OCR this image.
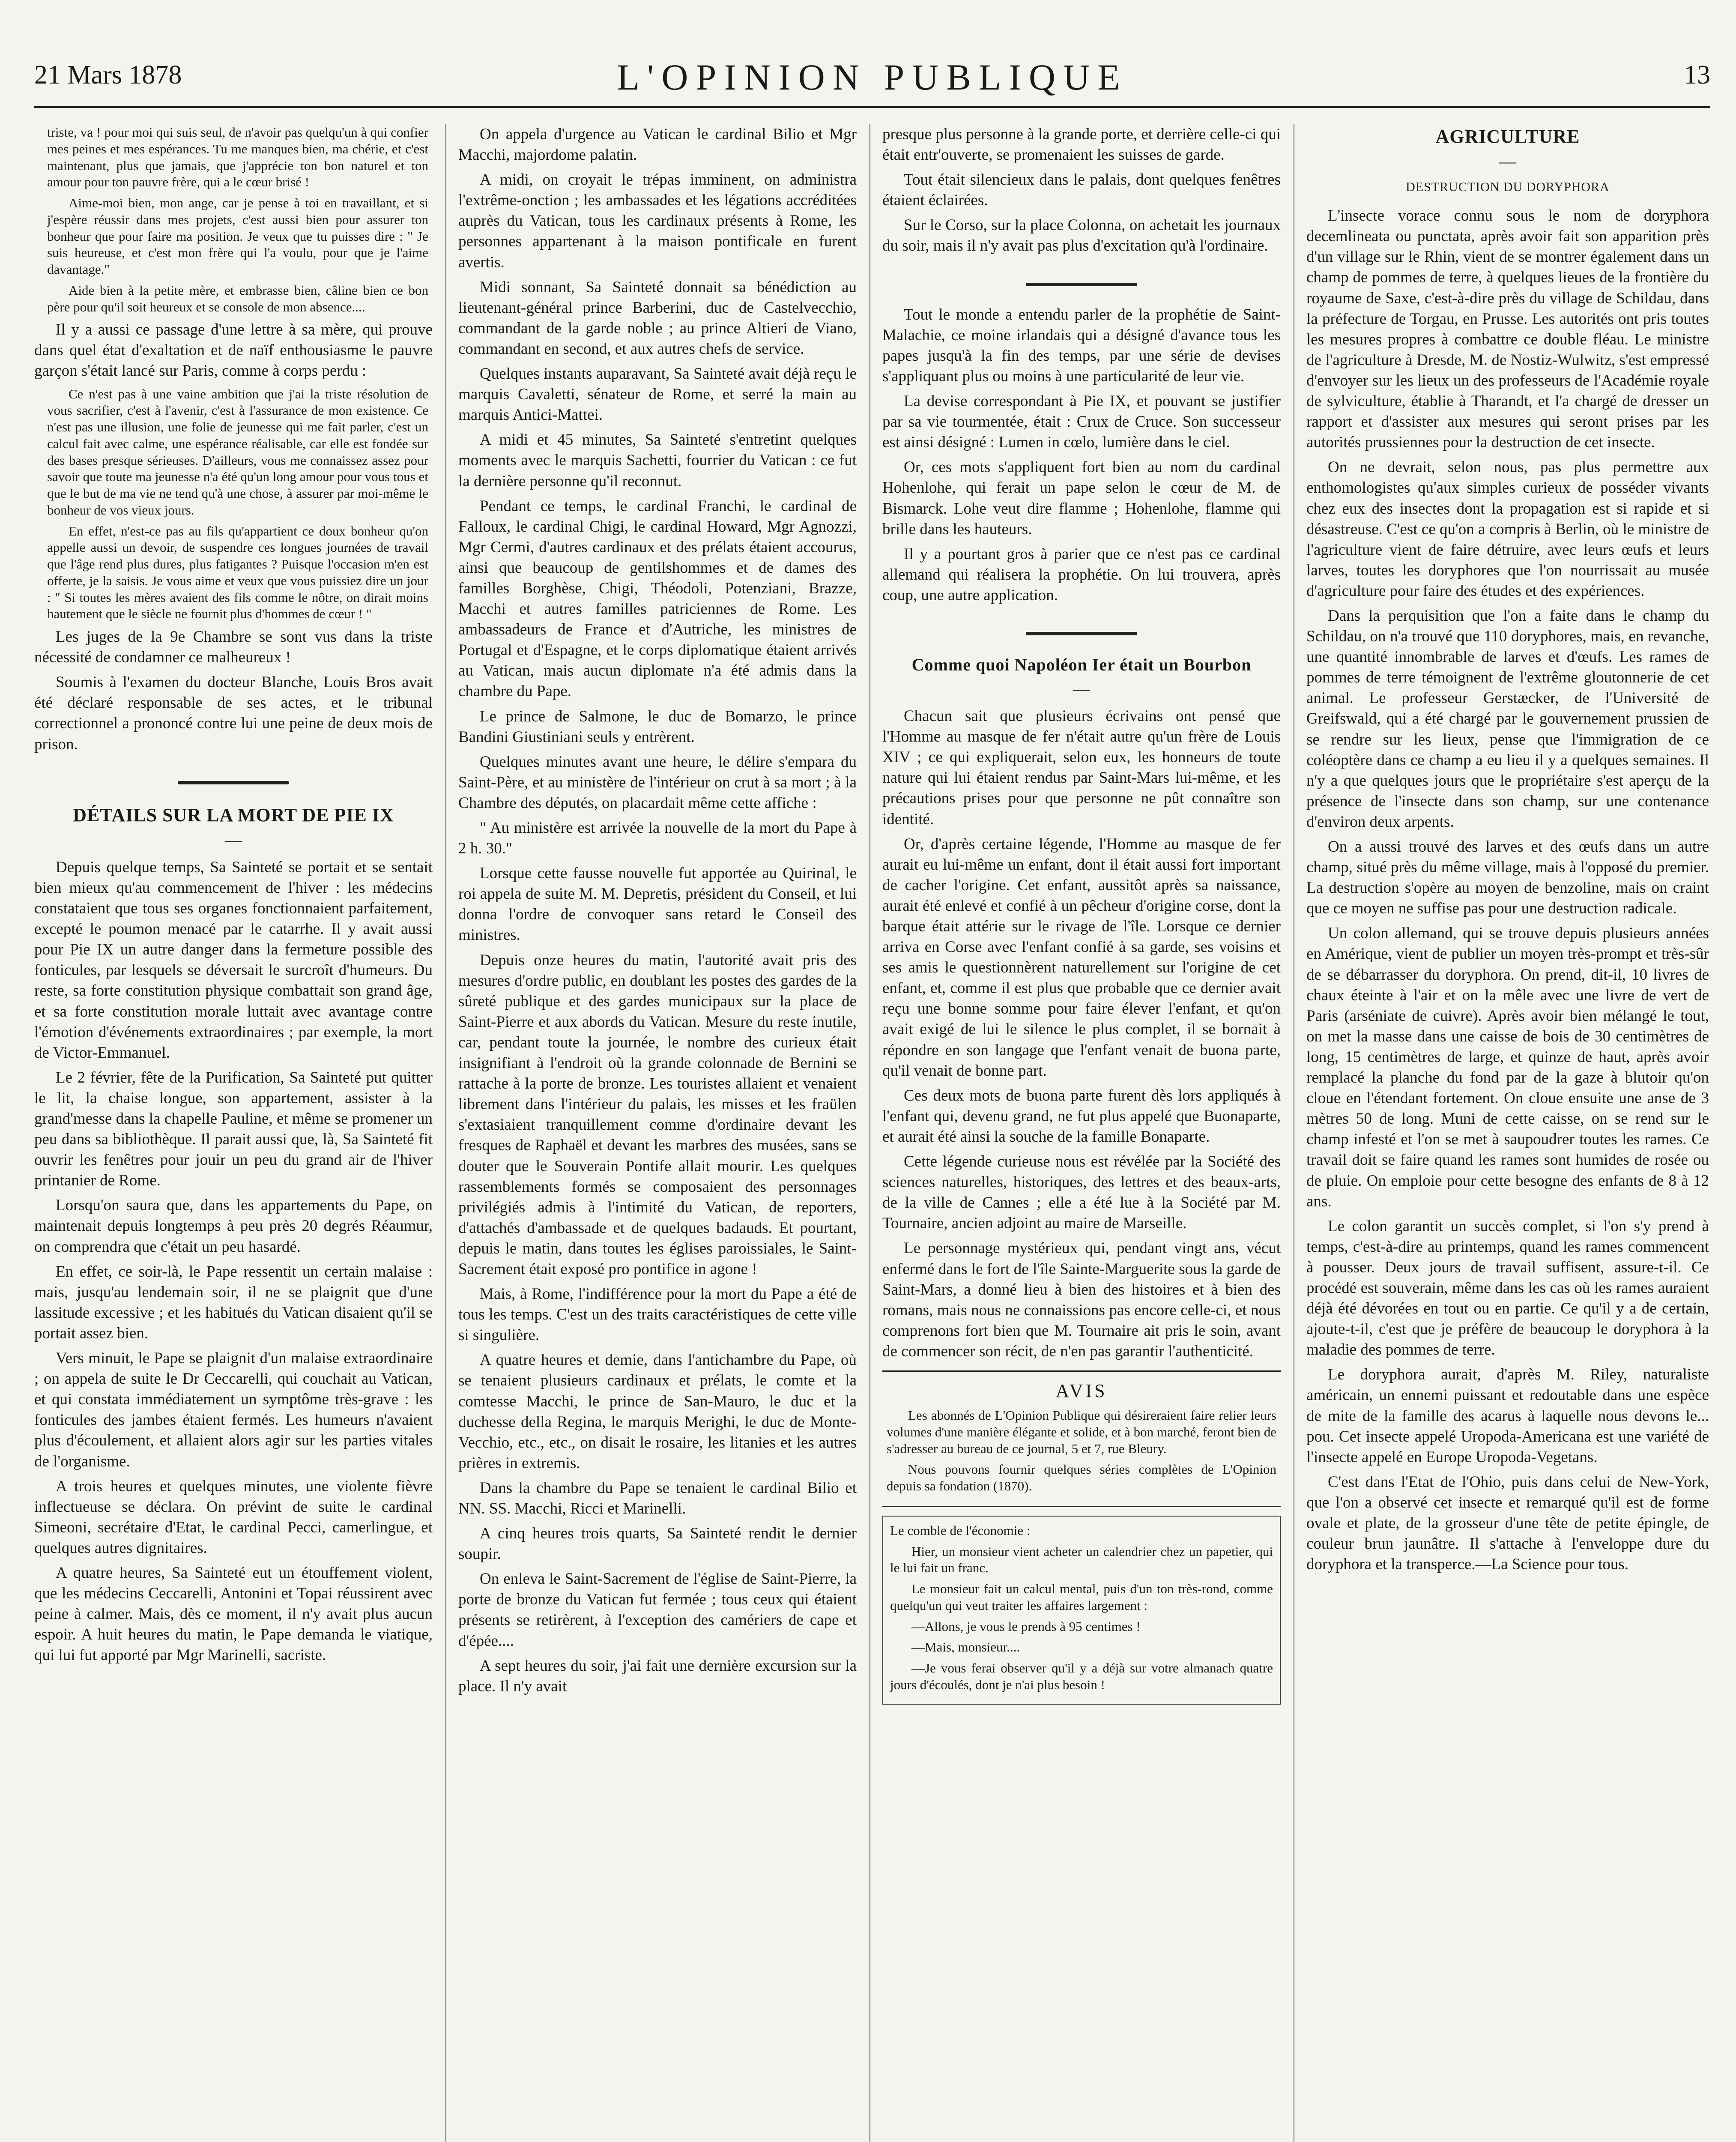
21 Mars 1878	L'OPINION PUBLIQUE	13

triste, va ! pour moi qui suis seul, de n'avoir pas quelqu'un à qui confier mes peines et mes espérances. Tu me manques bien, ma chérie, et c'est maintenant, plus que jamais, que j'apprécie ton bon naturel et ton amour pour ton pauvre frère, qui a le cœur brisé !

Aime-moi bien, mon ange, car je pense à toi en travaillant, et si j'espère réussir dans mes projets, c'est aussi bien pour assurer ton bonheur que pour faire ma position. Je veux que tu puisses dire : " Je suis heureuse, et c'est mon frère qui l'a voulu, pour que je l'aime davantage."

Aide bien à la petite mère, et embrasse bien, câline bien ce bon père pour qu'il soit heureux et se console de mon absence....

Il y a aussi ce passage d'une lettre à sa mère, qui prouve dans quel état d'exaltation et de naïf enthousiasme le pauvre garçon s'était lancé sur Paris, comme à corps perdu :

Ce n'est pas à une vaine ambition que j'ai la triste résolution de vous sacrifier, c'est à l'avenir, c'est à l'assurance de mon existence. Ce n'est pas une illusion, une folie de jeunesse qui me fait parler, c'est un calcul fait avec calme, une espérance réalisable, car elle est fondée sur des bases presque sérieuses. D'ailleurs, vous me connaissez assez pour savoir que toute ma jeunesse n'a été qu'un long amour pour vous tous et que le but de ma vie ne tend qu'à une chose, à assurer par moi-même le bonheur de vos vieux jours.

En effet, n'est-ce pas au fils qu'appartient ce doux bonheur qu'on appelle aussi un devoir, de suspendre ces longues journées de travail que l'âge rend plus dures, plus fatigantes ? Puisque l'occasion m'en est offerte, je la saisis. Je vous aime et veux que vous puissiez dire un jour : " Si toutes les mères avaient des fils comme le nôtre, on dirait moins hautement que le siècle ne fournit plus d'hommes de cœur ! "

Les juges de la 9e Chambre se sont vus dans la triste nécessité de condamner ce malheureux !

Soumis à l'examen du docteur Blanche, Louis Bros avait été déclaré responsable de ses actes, et le tribunal correctionnel a prononcé contre lui une peine de deux mois de prison.

DÉTAILS SUR LA MORT DE PIE IX
—

Depuis quelque temps, Sa Sainteté se portait et se sentait bien mieux qu'au commencement de l'hiver : les médecins constataient que tous ses organes fonctionnaient parfaitement, excepté le poumon menacé par le catarrhe. Il y avait aussi pour Pie IX un autre danger dans la fermeture possible des fonticules, par lesquels se déversait le surcroît d'humeurs. Du reste, sa forte constitution physique combattait son grand âge, et sa forte constitution morale luttait avec avantage contre l'émotion d'événements extraordinaires ; par exemple, la mort de Victor-Emmanuel.

Le 2 février, fête de la Purification, Sa Sainteté put quitter le lit, la chaise longue, son appartement, assister à la grand'messe dans la chapelle Pauline, et même se promener un peu dans sa bibliothèque. Il parait aussi que, là, Sa Sainteté fit ouvrir les fenêtres pour jouir un peu du grand air de l'hiver printanier de Rome.

Lorsqu'on saura que, dans les appartements du Pape, on maintenait depuis longtemps à peu près 20 degrés Réaumur, on comprendra que c'était un peu hasardé.

En effet, ce soir-là, le Pape ressentit un certain malaise : mais, jusqu'au lendemain soir, il ne se plaignit que d'une lassitude excessive ; et les habitués du Vatican disaient qu'il se portait assez bien.

Vers minuit, le Pape se plaignit d'un malaise extraordinaire ; on appela de suite le Dr Ceccarelli, qui couchait au Vatican, et qui constata immédiatement un symptôme très-grave : les fonticules des jambes étaient fermés. Les humeurs n'avaient plus d'écoulement, et allaient alors agir sur les parties vitales de l'organisme.

A trois heures et quelques minutes, une violente fièvre inflectueuse se déclara. On prévint de suite le cardinal Simeoni, secrétaire d'Etat, le cardinal Pecci, camerlingue, et quelques autres dignitaires.

A quatre heures, Sa Sainteté eut un étouffement violent, que les médecins Ceccarelli, Antonini et Topai réussirent avec peine à calmer. Mais, dès ce moment, il n'y avait plus aucun espoir. A huit heures du matin, le Pape demanda le viatique, qui lui fut apporté par Mgr Marinelli, sacriste.

On appela d'urgence au Vatican le cardinal Bilio et Mgr Macchi, majordome palatin.

A midi, on croyait le trépas imminent, on administra l'extrême-onction ; les ambassades et les légations accréditées auprès du Vatican, tous les cardinaux présents à Rome, les personnes appartenant à la maison pontificale en furent avertis.

Midi sonnant, Sa Sainteté donnait sa bénédiction au lieutenant-général prince Barberini, duc de Castelvecchio, commandant de la garde noble ; au prince Altieri de Viano, commandant en second, et aux autres chefs de service.

Quelques instants auparavant, Sa Sainteté avait déjà reçu le marquis Cavaletti, sénateur de Rome, et serré la main au marquis Antici-Mattei.

A midi et 45 minutes, Sa Sainteté s'entretint quelques moments avec le marquis Sachetti, fourrier du Vatican : ce fut la dernière personne qu'il reconnut.

Pendant ce temps, le cardinal Franchi, le cardinal de Falloux, le cardinal Chigi, le cardinal Howard, Mgr Agnozzi, Mgr Cermi, d'autres cardinaux et des prélats étaient accourus, ainsi que beaucoup de gentilshommes et de dames des familles Borghèse, Chigi, Théodoli, Potenziani, Brazze, Macchi et autres familles patriciennes de Rome. Les ambassadeurs de France et d'Autriche, les ministres de Portugal et d'Espagne, et le corps diplomatique étaient arrivés au Vatican, mais aucun diplomate n'a été admis dans la chambre du Pape.

Le prince de Salmone, le duc de Bomarzo, le prince Bandini Giustiniani seuls y entrèrent.

Quelques minutes avant une heure, le délire s'empara du Saint-Père, et au ministère de l'intérieur on crut à sa mort ; à la Chambre des députés, on placardait même cette affiche :

" Au ministère est arrivée la nouvelle de la mort du Pape à 2 h. 30."

Lorsque cette fausse nouvelle fut apportée au Quirinal, le roi appela de suite M. M. Depretis, président du Conseil, et lui donna l'ordre de convoquer sans retard le Conseil des ministres.

Depuis onze heures du matin, l'autorité avait pris des mesures d'ordre public, en doublant les postes des gardes de la sûreté publique et des gardes municipaux sur la place de Saint-Pierre et aux abords du Vatican. Mesure du reste inutile, car, pendant toute la journée, le nombre des curieux était insignifiant à l'endroit où la grande colonnade de Bernini se rattache à la porte de bronze. Les touristes allaient et venaient librement dans l'intérieur du palais, les misses et les fraülen s'extasiaient tranquillement comme d'ordinaire devant les fresques de Raphaël et devant les marbres des musées, sans se douter que le Souverain Pontife allait mourir. Les quelques rassemblements formés se composaient des personnages privilégiés admis à l'intimité du Vatican, de reporters, d'attachés d'ambassade et de quelques badauds. Et pourtant, depuis le matin, dans toutes les églises paroissiales, le Saint-Sacrement était exposé pro pontifice in agone !

Mais, à Rome, l'indifférence pour la mort du Pape a été de tous les temps. C'est un des traits caractéristiques de cette ville si singulière.

A quatre heures et demie, dans l'antichambre du Pape, où se tenaient plusieurs cardinaux et prélats, le comte et la comtesse Macchi, le prince de San-Mauro, le duc et la duchesse della Regina, le marquis Merighi, le duc de Monte-Vecchio, etc., etc., on disait le rosaire, les litanies et les autres prières in extremis.

Dans la chambre du Pape se tenaient le cardinal Bilio et NN. SS. Macchi, Ricci et Marinelli.

A cinq heures trois quarts, Sa Sainteté rendit le dernier soupir.

On enleva le Saint-Sacrement de l'église de Saint-Pierre, la porte de bronze du Vatican fut fermée ; tous ceux qui étaient présents se retirèrent, à l'exception des camériers de cape et d'épée....

A sept heures du soir, j'ai fait une dernière excursion sur la place. Il n'y avait

presque plus personne à la grande porte, et derrière celle-ci qui était entr'ouverte, se promenaient les suisses de garde.

Tout était silencieux dans le palais, dont quelques fenêtres étaient éclairées.

Sur le Corso, sur la place Colonna, on achetait les journaux du soir, mais il n'y avait pas plus d'excitation qu'à l'ordinaire.

Tout le monde a entendu parler de la prophétie de Saint-Malachie, ce moine irlandais qui a désigné d'avance tous les papes jusqu'à la fin des temps, par une série de devises s'appliquant plus ou moins à une particularité de leur vie.

La devise correspondant à Pie IX, et pouvant se justifier par sa vie tourmentée, était : Crux de Cruce. Son successeur est ainsi désigné : Lumen in cœlo, lumière dans le ciel.

Or, ces mots s'appliquent fort bien au nom du cardinal Hohenlohe, qui ferait un pape selon le cœur de M. de Bismarck. Lohe veut dire flamme ; Hohenlohe, flamme qui brille dans les hauteurs.

Il y a pourtant gros à parier que ce n'est pas ce cardinal allemand qui réalisera la prophétie. On lui trouvera, après coup, une autre application.

Comme quoi Napoléon Ier était un Bourbon
—

Chacun sait que plusieurs écrivains ont pensé que l'Homme au masque de fer n'était autre qu'un frère de Louis XIV ; ce qui expliquerait, selon eux, les honneurs de toute nature qui lui étaient rendus par Saint-Mars lui-même, et les précautions prises pour que personne ne pût connaître son identité.

Or, d'après certaine légende, l'Homme au masque de fer aurait eu lui-même un enfant, dont il était aussi fort important de cacher l'origine. Cet enfant, aussitôt après sa naissance, aurait été enlevé et confié à un pêcheur d'origine corse, dont la barque était attérie sur le rivage de l'île. Lorsque ce dernier arriva en Corse avec l'enfant confié à sa garde, ses voisins et ses amis le questionnèrent naturellement sur l'origine de cet enfant, et, comme il est plus que probable que ce dernier avait reçu une bonne somme pour faire élever l'enfant, et qu'on avait exigé de lui le silence le plus complet, il se bornait à répondre en son langage que l'enfant venait de buona parte, qu'il venait de bonne part.

Ces deux mots de buona parte furent dès lors appliqués à l'enfant qui, devenu grand, ne fut plus appelé que Buonaparte, et aurait été ainsi la souche de la famille Bonaparte.

Cette légende curieuse nous est révélée par la Société des sciences naturelles, historiques, des lettres et des beaux-arts, de la ville de Cannes ; elle a été lue à la Société par M. Tournaire, ancien adjoint au maire de Marseille.

Le personnage mystérieux qui, pendant vingt ans, vécut enfermé dans le fort de l'île Sainte-Marguerite sous la garde de Saint-Mars, a donné lieu à bien des histoires et à bien des romans, mais nous ne connaissions pas encore celle-ci, et nous comprenons fort bien que M. Tournaire ait pris le soin, avant de commencer son récit, de n'en pas garantir l'authenticité.

AVIS

Les abonnés de L'Opinion Publique qui désireraient faire relier leurs volumes d'une manière élégante et solide, et à bon marché, feront bien de s'adresser au bureau de ce journal, 5 et 7, rue Bleury.

Nous pouvons fournir quelques séries complètes de L'Opinion depuis sa fondation (1870).

Le comble de l'économie :

Hier, un monsieur vient acheter un calendrier chez un papetier, qui le lui fait un franc.

Le monsieur fait un calcul mental, puis d'un ton très-rond, comme quelqu'un qui veut traiter les affaires largement :

—Allons, je vous le prends à 95 centimes !

—Mais, monsieur....

—Je vous ferai observer qu'il y a déjà sur votre almanach quatre jours d'écoulés, dont je n'ai plus besoin !

AGRICULTURE
—
DESTRUCTION DU DORYPHORA

L'insecte vorace connu sous le nom de doryphora decemlineata ou punctata, après avoir fait son apparition près d'un village sur le Rhin, vient de se montrer également dans un champ de pommes de terre, à quelques lieues de la frontière du royaume de Saxe, c'est-à-dire près du village de Schildau, dans la préfecture de Torgau, en Prusse. Les autorités ont pris toutes les mesures propres à combattre ce double fléau. Le ministre de l'agriculture à Dresde, M. de Nostiz-Wulwitz, s'est empressé d'envoyer sur les lieux un des professeurs de l'Académie royale de sylviculture, établie à Tharandt, et l'a chargé de dresser un rapport et d'assister aux mesures qui seront prises par les autorités prussiennes pour la destruction de cet insecte.

On ne devrait, selon nous, pas plus permettre aux enthomologistes qu'aux simples curieux de posséder vivants chez eux des insectes dont la propagation est si rapide et si désastreuse. C'est ce qu'on a compris à Berlin, où le ministre de l'agriculture vient de faire détruire, avec leurs œufs et leurs larves, toutes les doryphores que l'on nourrissait au musée d'agriculture pour faire des études et des expériences.

Dans la perquisition que l'on a faite dans le champ du Schildau, on n'a trouvé que 110 doryphores, mais, en revanche, une quantité innombrable de larves et d'œufs. Les rames de pommes de terre témoignent de l'extrême gloutonnerie de cet animal. Le professeur Gerstæcker, de l'Université de Greifswald, qui a été chargé par le gouvernement prussien de se rendre sur les lieux, pense que l'immigration de ce coléoptère dans ce champ a eu lieu il y a quelques semaines. Il n'y a que quelques jours que le propriétaire s'est aperçu de la présence de l'insecte dans son champ, sur une contenance d'environ deux arpents.

On a aussi trouvé des larves et des œufs dans un autre champ, situé près du même village, mais à l'opposé du premier. La destruction s'opère au moyen de benzoline, mais on craint que ce moyen ne suffise pas pour une destruction radicale.

Un colon allemand, qui se trouve depuis plusieurs années en Amérique, vient de publier un moyen très-prompt et très-sûr de se débarrasser du doryphora. On prend, dit-il, 10 livres de chaux éteinte à l'air et on la mêle avec une livre de vert de Paris (arséniate de cuivre). Après avoir bien mélangé le tout, on met la masse dans une caisse de bois de 30 centimètres de long, 15 centimètres de large, et quinze de haut, après avoir remplacé la planche du fond par de la gaze à blutoir qu'on cloue en l'étendant fortement. On cloue ensuite une anse de 3 mètres 50 de long. Muni de cette caisse, on se rend sur le champ infesté et l'on se met à saupoudrer toutes les rames. Ce travail doit se faire quand les rames sont humides de rosée ou de pluie. On emploie pour cette besogne des enfants de 8 à 12 ans.

Le colon garantit un succès complet, si l'on s'y prend à temps, c'est-à-dire au printemps, quand les rames commencent à pousser. Deux jours de travail suffisent, assure-t-il. Ce procédé est souverain, même dans les cas où les rames auraient déjà été dévorées en tout ou en partie. Ce qu'il y a de certain, ajoute-t-il, c'est que je préfère de beaucoup le doryphora à la maladie des pommes de terre.

Le doryphora aurait, d'après M. Riley, naturaliste américain, un ennemi puissant et redoutable dans une espèce de mite de la famille des acarus à laquelle nous devons le... pou. Cet insecte appelé Uropoda-Americana est une variété de l'insecte appelé en Europe Uropoda-Vegetans.

C'est dans l'Etat de l'Ohio, puis dans celui de New-York, que l'on a observé cet insecte et remarqué qu'il est de forme ovale et plate, de la grosseur d'une tête de petite épingle, de couleur brun jaunâtre. Il s'attache à l'enveloppe dure du doryphora et la transperce.—La Science pour tous.
